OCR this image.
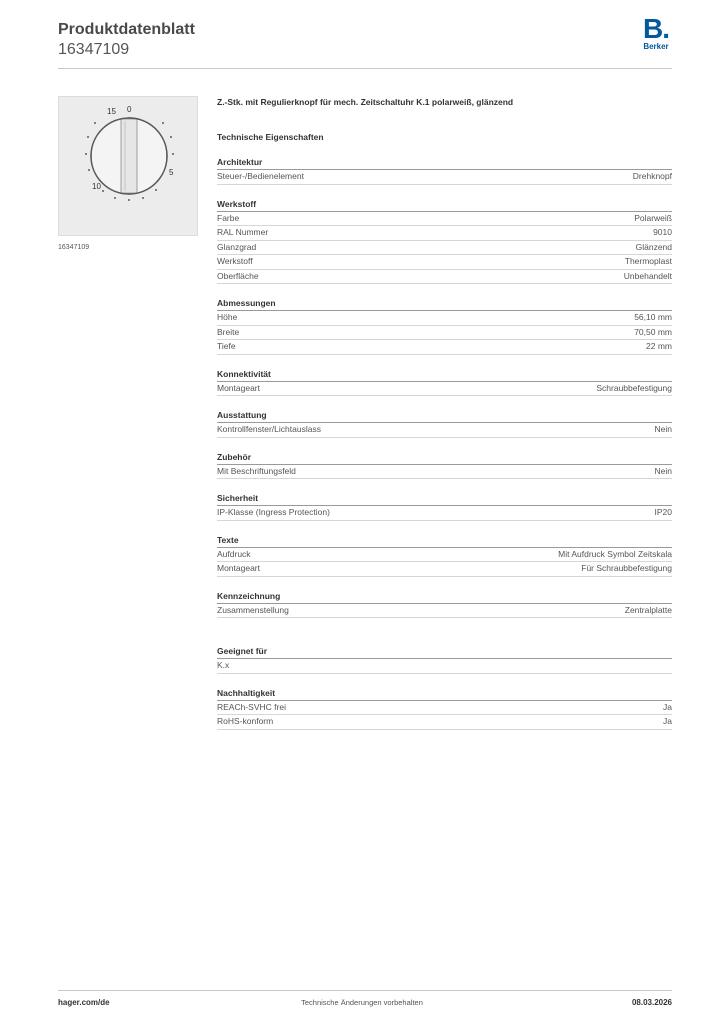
Produktdatenblatt
16347109
B.
Berker
15 0
5
10
16347109
Z.-Stk. mit Regulierknopf für mech. Zeitschaltuhr K.1 polarweiß, glänzend
Technische Eigenschaften
Architektur
Steuer-/Bedienelement	Drehknopf
Werkstoff
Farbe	Polarweiß
RAL Nummer	9010
Glanzgrad	Glänzend
Werkstoff	Thermoplast
Oberfläche	Unbehandelt
Abmessungen
Höhe	56,10 mm
Breite	70,50 mm
Tiefe	22 mm
Konnektivität
Montageart	Schraubbefestigung
Ausstattung
Kontrollfenster/Lichtauslass	Nein
Zubehör
Mit Beschriftungsfeld	Nein
Sicherheit
IP-Klasse (Ingress Protection)	IP20
Texte
Aufdruck	Mit Aufdruck Symbol Zeitskala
Montageart	Für Schraubbefestigung
Kennzeichnung
Zusammenstellung	Zentralplatte
Geeignet für
K.x
Nachhaltigkeit
REACh-SVHC frei	Ja
RoHS-konform	Ja
hager.com/de	Technische Änderungen vorbehalten	08.03.2026
